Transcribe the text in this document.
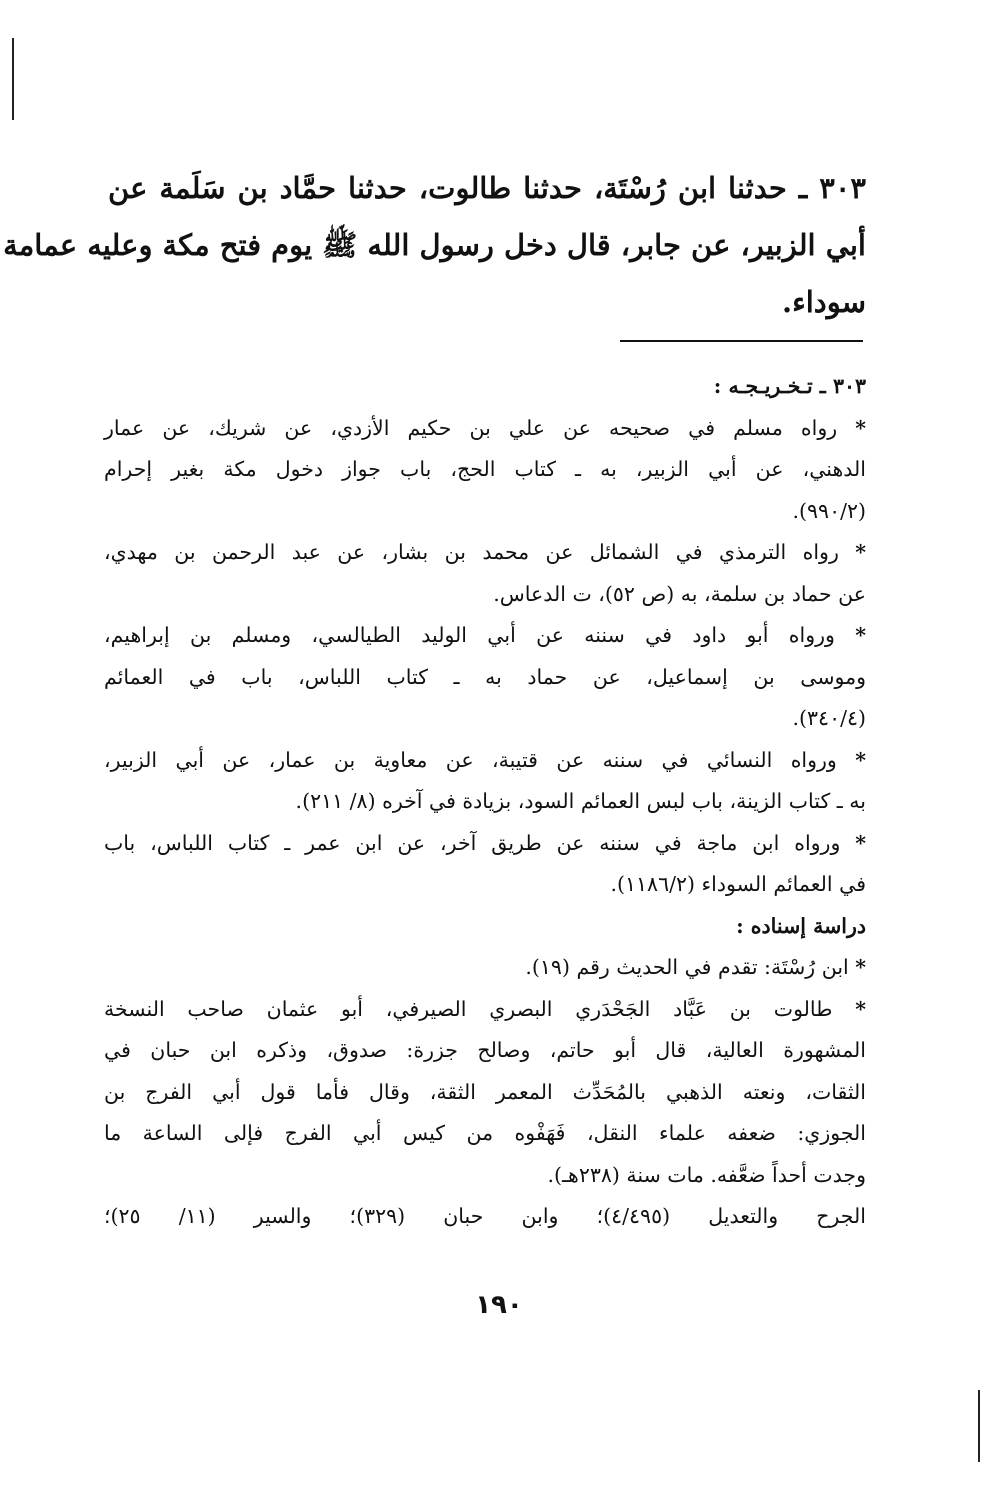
٣٠٣ ـ حدثنا ابن رُسْتَة، حدثنا طالوت، حدثنا حمَّاد بن سَلَمة عن
أبي الزبير، عن جابر، قال دخل رسول الله ﷺ يوم فتح مكة وعليه عمامة
سوداء.
٣٠٣ ـ تـخـريـجـه :
* رواه مسلم في صحيحه عن علي بن حكيم الأزدي، عن شريك، عن عمار
الدهني، عن أبي الزبير، به ـ كتاب الحج، باب جواز دخول مكة بغير إحرام
(٩٩٠/٢).
* رواه الترمذي في الشمائل عن محمد بن بشار، عن عبد الرحمن بن مهدي،
عن حماد بن سلمة، به (ص ٥٢)، ت الدعاس.
* ورواه أبو داود في سننه عن أبي الوليد الطيالسي، ومسلم بن إبراهيم،
وموسى بن إسماعيل، عن حماد به ـ كتاب اللباس، باب في العمائم
(٣٤٠/٤).
* ورواه النسائي في سننه عن قتيبة، عن معاوية بن عمار، عن أبي الزبير،
به ـ كتاب الزينة، باب لبس العمائم السود، بزيادة في آخره (٨/ ٢١١).
* ورواه ابن ماجة في سننه عن طريق آخر، عن ابن عمر ـ كتاب اللباس، باب
في العمائم السوداء (١١٨٦/٢).
دراسة إسناده :
* ابن رُسْتَة: تقدم في الحديث رقم (١٩).
* طالوت بن عَبَّاد الجَحْدَري البصري الصيرفي، أبو عثمان صاحب النسخة
المشهورة العالية، قال أبو حاتم، وصالح جزرة: صدوق، وذكره ابن حبان في
الثقات، ونعته الذهبي بالمُحَدِّث المعمر الثقة، وقال فأما قول أبي الفرج بن
الجوزي: ضعفه علماء النقل، فَهَفْوه من كيس أبي الفرج فإلى الساعة ما
وجدت أحداً ضعَّفه. مات سنة (٢٣٨هـ).
الجرح والتعديل (٤/٤٩٥)؛ وابن حبان (٣٢٩)؛ والسير (١١/ ٢٥)؛
١٩٠
